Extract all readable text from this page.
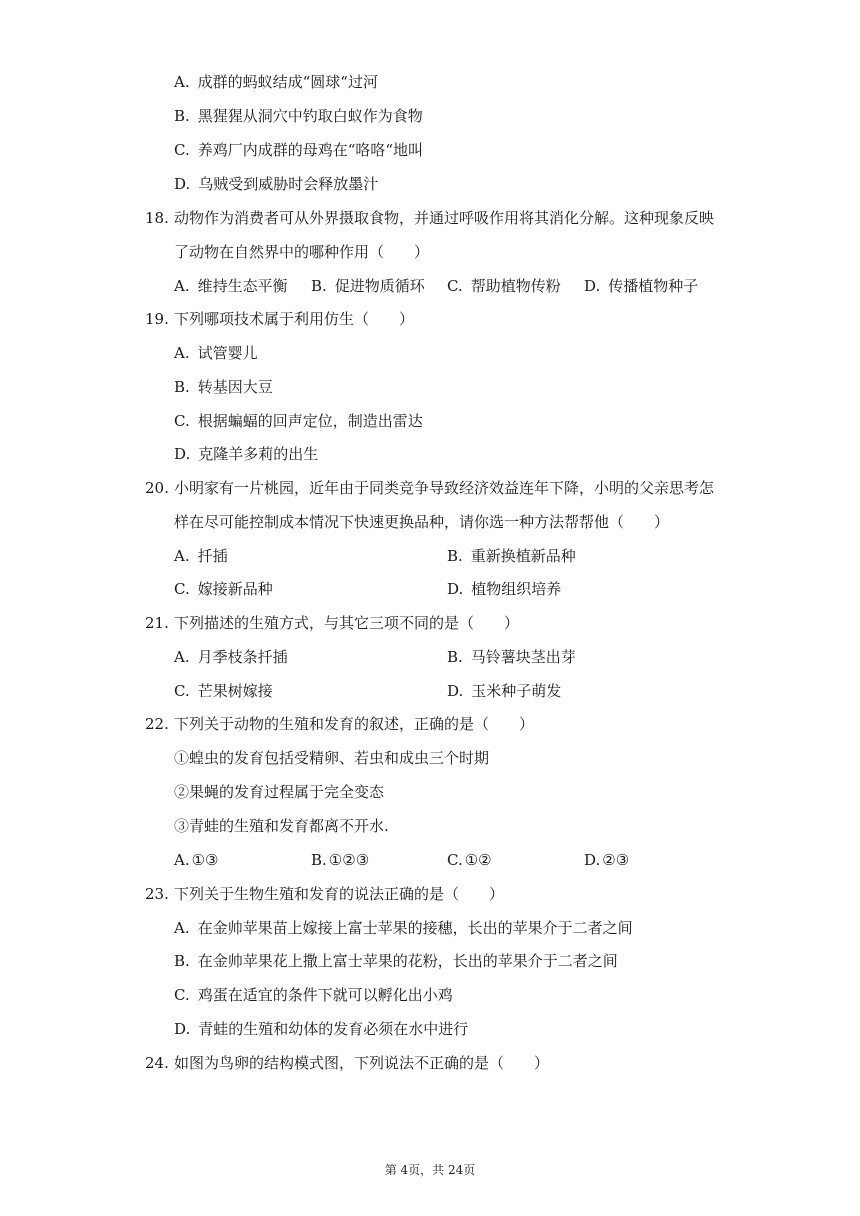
A. 成群的蚂蚁结成“圆球“过河
B. 黑猩猩从洞穴中钓取白蚁作为食物
C. 养鸡厂内成群的母鸡在“咯咯“地叫
D. 乌贼受到威胁时会释放墨汁
18. 动物作为消费者可从外界摄取食物，并通过呼吸作用将其消化分解。这种现象反映
了动物在自然界中的哪种作用（　　）
A. 维持生态平衡 B. 促进物质循环 C. 帮助植物传粉 D. 传播植物种子
19. 下列哪项技术属于利用仿生（　　）
A. 试管婴儿
B. 转基因大豆
C. 根据蝙蝠的回声定位，制造出雷达
D. 克隆羊多莉的出生
20. 小明家有一片桃园，近年由于同类竞争导致经济效益连年下降，小明的父亲思考怎
样在尽可能控制成本情况下快速更换品种，请你选一种方法帮帮他（　　）
A. 扦插	B. 重新换植新品种
C. 嫁接新品种	D. 植物组织培养
21. 下列描述的生殖方式，与其它三项不同的是（　　）
A. 月季枝条扦插	B. 马铃薯块茎出芽
C. 芒果树嫁接	D. 玉米种子萌发
22. 下列关于动物的生殖和发育的叙述，正确的是（　　）
①蝗虫的发育包括受精卵、若虫和成虫三个时期
②果蝇的发育过程属于完全变态
③青蛙的生殖和发育都离不开水.
A. ①③	B. ①②③	C. ①②	D. ②③
23. 下列关于生物生殖和发育的说法正确的是（　　）
A. 在金帅苹果苗上嫁接上富士苹果的接穗，长出的苹果介于二者之间
B. 在金帅苹果花上撒上富士苹果的花粉，长出的苹果介于二者之间
C. 鸡蛋在适宜的条件下就可以孵化出小鸡
D. 青蛙的生殖和幼体的发育必须在水中进行
24. 如图为鸟卵的结构模式图，下列说法不正确的是（　　）
第 4页，共 24页
